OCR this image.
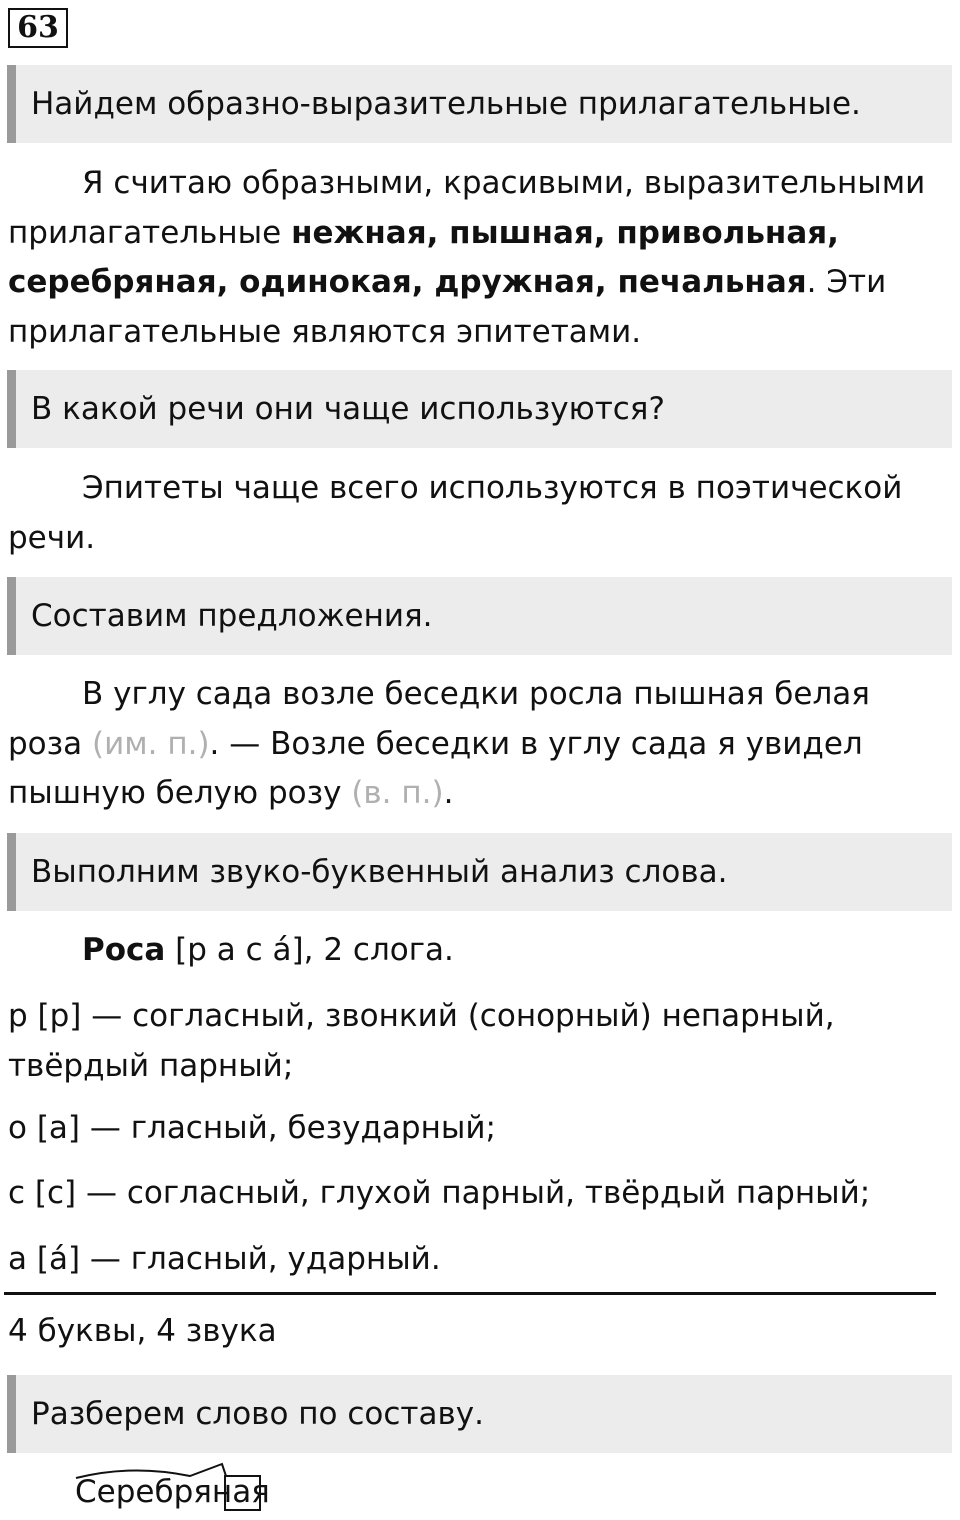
63
Найдем образно-выразительные прилагательные.
Я считаю образными, красивыми, выразительными прилагательные нежная, пышная, привольная, серебряная, одинокая, дружная, печальная. Эти прилагательные являются эпитетами.
В какой речи они чаще используются?
Эпитеты чаще всего используются в поэтической речи.
Составим предложения.
В углу сада возле беседки росла пышная белая роза (им. п.). — Возле беседки в углу сада я увидел пышную белую розу (в. п.).
Выполним звуко-буквенный анализ слова.
Роса [р а с á], 2 слога.
р [р] — согласный, звонкий (сонорный) непарный, твёрдый парный;
о [а] — гласный, безударный;
с [с] — согласный, глухой парный, твёрдый парный;
а [á] — гласный, ударный.
4 буквы, 4 звука
Разберем слово по составу.
Серебряная
